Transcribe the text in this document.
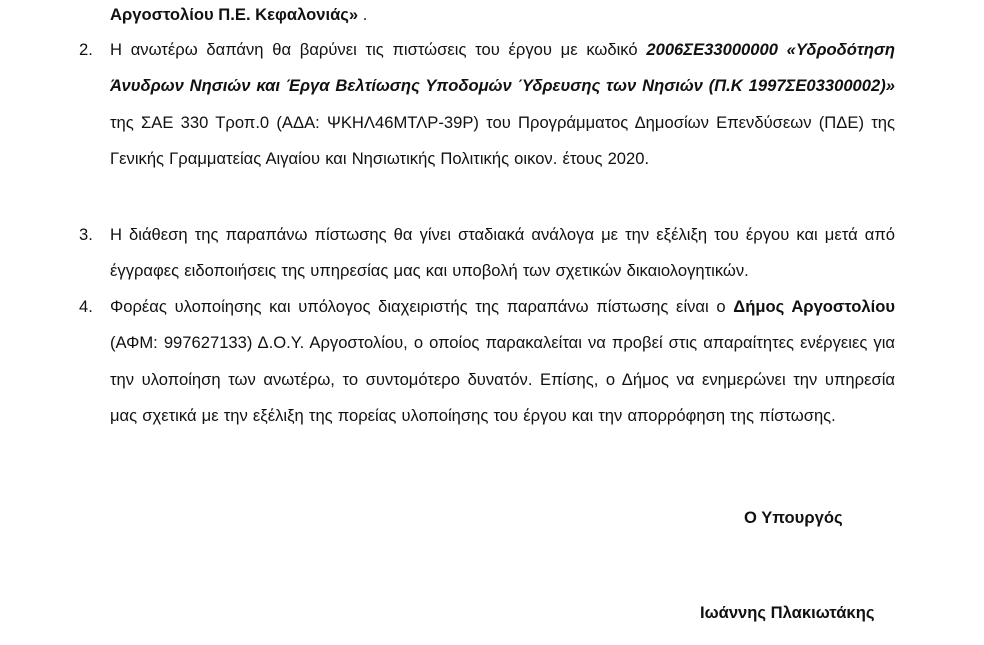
Αργοστολίου Π.Ε. Κεφαλονιάς» .
2. Η ανωτέρω δαπάνη θα βαρύνει τις πιστώσεις του έργου με κωδικό 2006ΣΕ33000000 «Υδροδότηση Άνυδρων Νησιών και Έργα Βελτίωσης Υποδομών Ύδρευσης των Νησιών (Π.Κ 1997ΣΕ03300002)» της ΣΑΕ 330 Τροπ.0 (ΑΔΑ: ΨΚΗΛ46ΜΤΛΡ-39Ρ) του Προγράμματος Δημοσίων Επενδύσεων (ΠΔΕ) της Γενικής Γραμματείας Αιγαίου και Νησιωτικής Πολιτικής οικον. έτους 2020.
3. Η διάθεση της παραπάνω πίστωσης θα γίνει σταδιακά ανάλογα με την εξέλιξη του έργου και μετά από έγγραφες ειδοποιήσεις της υπηρεσίας μας και υποβολή των σχετικών δικαιολογητικών.
4. Φορέας υλοποίησης και υπόλογος διαχειριστής της παραπάνω πίστωσης είναι ο Δήμος Αργοστολίου (ΑΦΜ: 997627133) Δ.Ο.Υ. Αργοστολίου, ο οποίος παρακαλείται να προβεί στις απαραίτητες ενέργειες για την υλοποίηση των ανωτέρω, το συντομότερο δυνατόν. Επίσης, ο Δήμος να ενημερώνει την υπηρεσία μας σχετικά με την εξέλιξη της πορείας υλοποίησης του έργου και την απορρόφηση της πίστωσης.
Ο Υπουργός
Ιωάννης Πλακιωτάκης
